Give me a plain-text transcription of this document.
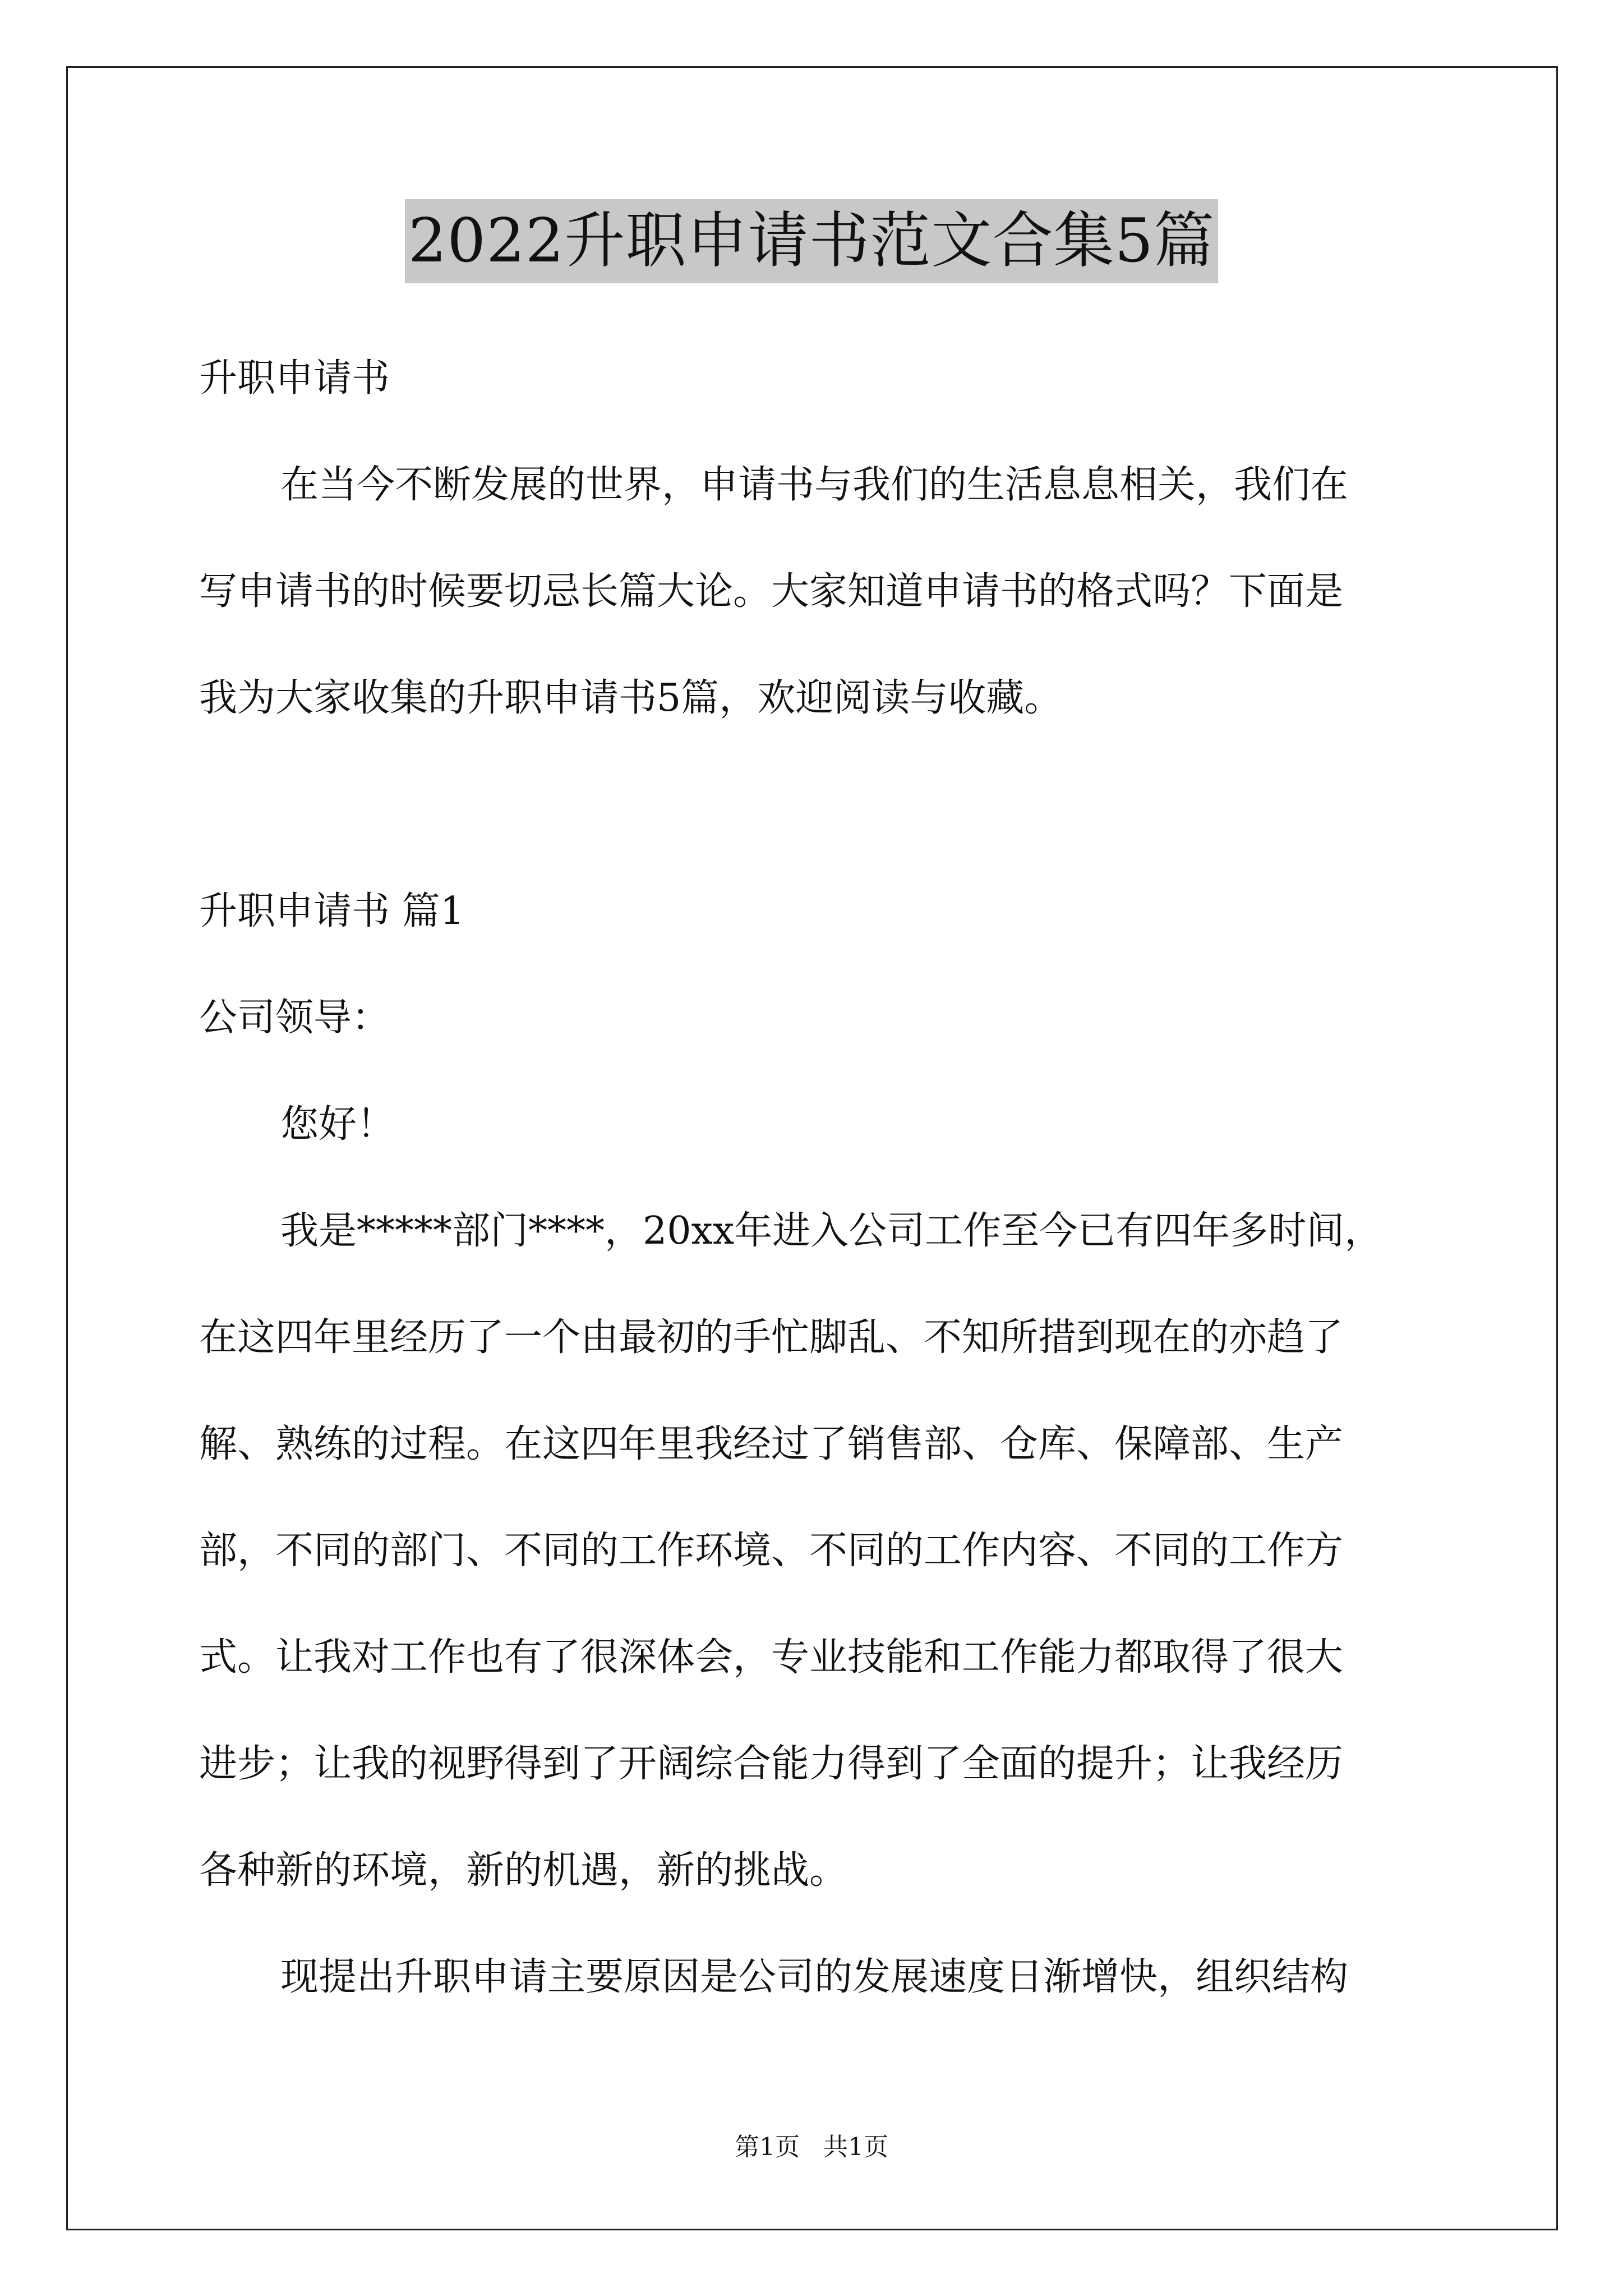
2022升职申请书范文合集5篇
升职申请书
在当今不断发展的世界，申请书与我们的生活息息相关，我们在
写申请书的时候要切忌长篇大论。大家知道申请书的格式吗？下面是
我为大家收集的升职申请书5篇，欢迎阅读与收藏。
升职申请书 篇1
公司领导：
您好！
我是*****部门****，20xx年进入公司工作至今已有四年多时间，
在这四年里经历了一个由最初的手忙脚乱、不知所措到现在的亦趋了
解、熟练的过程。在这四年里我经过了销售部、仓库、保障部、生产
部，不同的部门、不同的工作环境、不同的工作内容、不同的工作方
式。让我对工作也有了很深体会，专业技能和工作能力都取得了很大
进步；让我的视野得到了开阔综合能力得到了全面的提升；让我经历
各种新的环境，新的机遇，新的挑战。
现提出升职申请主要原因是公司的发展速度日渐增快，组织结构
第1页   共1页
